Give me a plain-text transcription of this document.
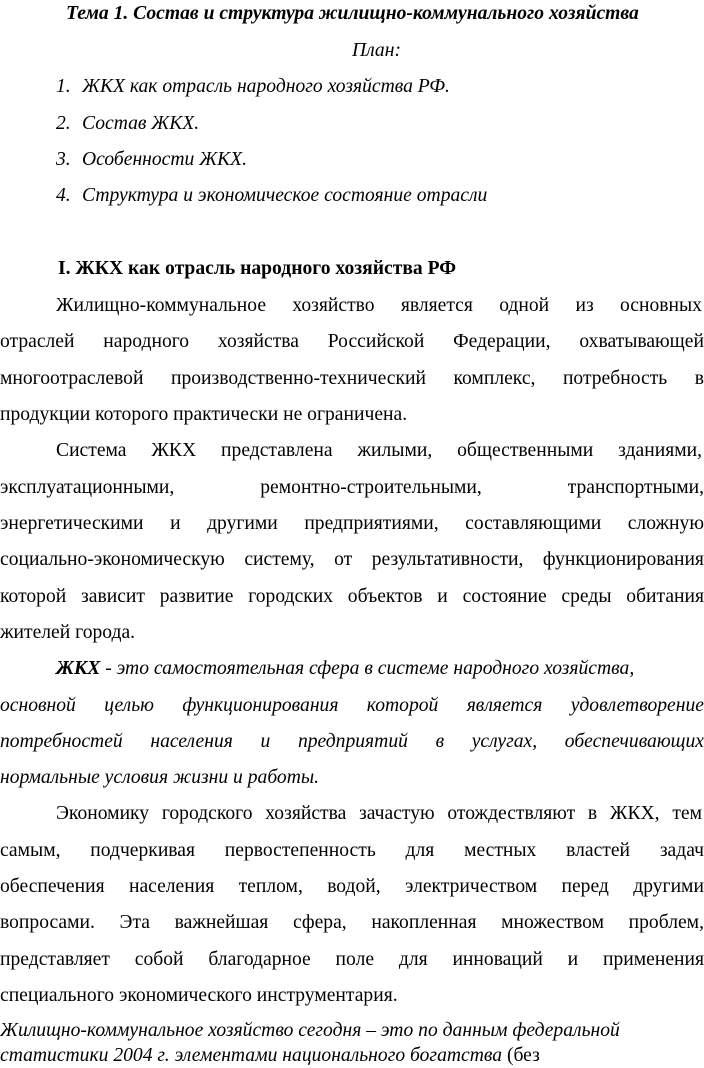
Тема 1. Состав и структура жилищно-коммунального хозяйства
План:
1. ЖКХ как отрасль народного хозяйства РФ.
2. Состав ЖКХ.
3. Особенности ЖКХ.
4. Структура и экономическое состояние отрасли
I. ЖКХ как отрасль народного хозяйства РФ
Жилищно-коммунальное хозяйство является одной из основных
отраслей народного хозяйства Российской Федерации, охватывающей
многоотраслевой производственно-технический комплекс, потребность в
продукции которого практически не ограничена.
Система ЖКХ представлена жилыми, общественными зданиями,
эксплуатационными,	ремонтно-строительными,	транспортными,
энергетическими и другими предприятиями, составляющими сложную
социально-экономическую систему, от результативности, функционирования
которой зависит развитие городских объектов и состояние среды обитания
жителей города.
ЖКХ - это самостоятельная сфера в системе народного хозяйства,
основной целью функционирования которой является удовлетворение
потребностей населения и предприятий в услугах, обеспечивающих
нормальные условия жизни и работы.
Экономику городского хозяйства зачастую отождествляют в ЖКХ, тем
самым, подчеркивая первостепенность для местных властей задач
обеспечения населения теплом, водой, электричеством перед другими
вопросами. Эта важнейшая сфера, накопленная множеством проблем,
представляет собой благодарное поле для инноваций и применения
специального экономического инструментария.
Жилищно-коммунальное хозяйство сегодня – это по данным федеральной
статистики 2004 г. элементами национального богатства (без
